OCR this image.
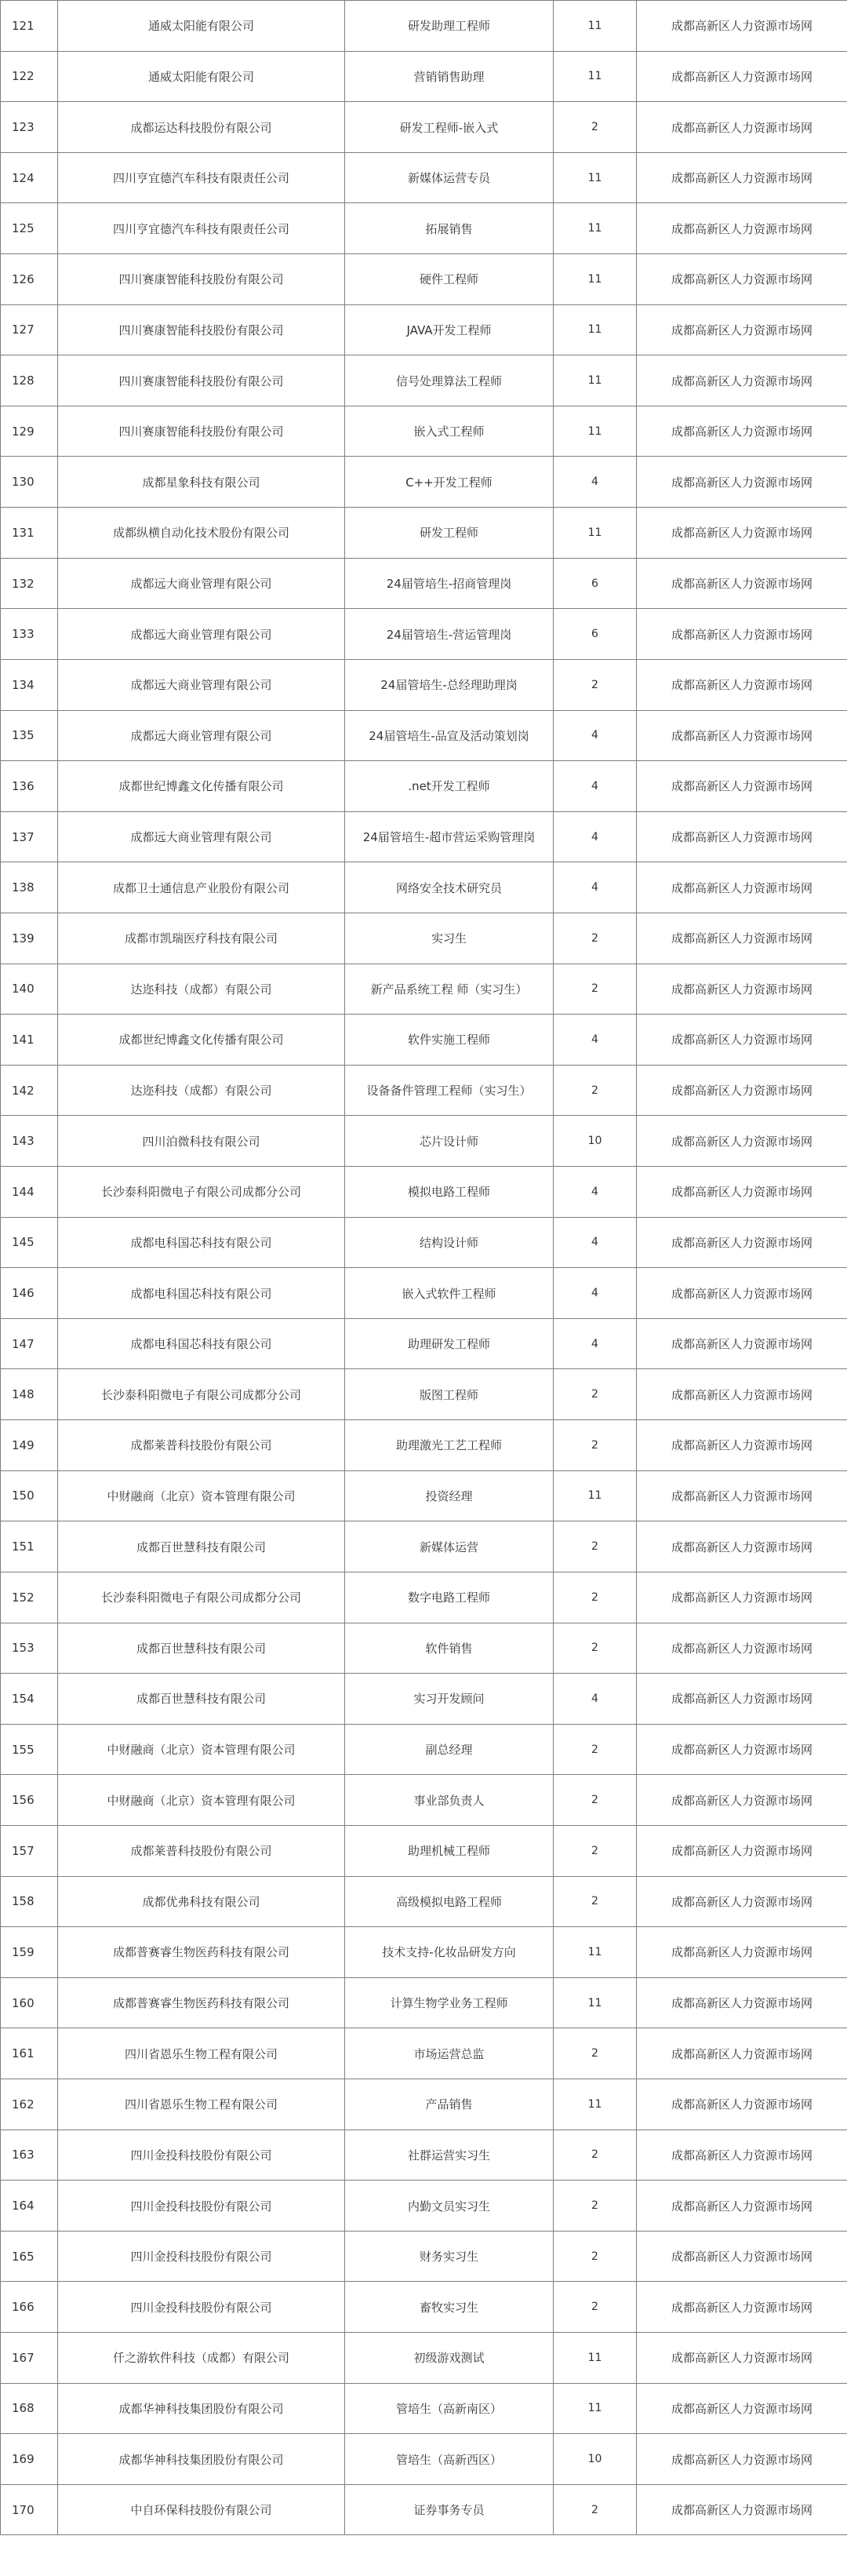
121	通威太阳能有限公司	研发助理工程师	11	成都高新区人力资源市场网
122	通威太阳能有限公司	营销销售助理	11	成都高新区人力资源市场网
123	成都运达科技股份有限公司	研发工程师-嵌入式	2	成都高新区人力资源市场网
124	四川亨宜德汽车科技有限责任公司	新媒体运营专员	11	成都高新区人力资源市场网
125	四川亨宜德汽车科技有限责任公司	拓展销售	11	成都高新区人力资源市场网
126	四川赛康智能科技股份有限公司	硬件工程师	11	成都高新区人力资源市场网
127	四川赛康智能科技股份有限公司	JAVA开发工程师	11	成都高新区人力资源市场网
128	四川赛康智能科技股份有限公司	信号处理算法工程师	11	成都高新区人力资源市场网
129	四川赛康智能科技股份有限公司	嵌入式工程师	11	成都高新区人力资源市场网
130	成都星象科技有限公司	C++开发工程师	4	成都高新区人力资源市场网
131	成都纵横自动化技术股份有限公司	研发工程师	11	成都高新区人力资源市场网
132	成都远大商业管理有限公司	24届管培生-招商管理岗	6	成都高新区人力资源市场网
133	成都远大商业管理有限公司	24届管培生-营运管理岗	6	成都高新区人力资源市场网
134	成都远大商业管理有限公司	24届管培生-总经理助理岗	2	成都高新区人力资源市场网
135	成都远大商业管理有限公司	24届管培生-品宣及活动策划岗	4	成都高新区人力资源市场网
136	成都世纪博鑫文化传播有限公司	.net开发工程师	4	成都高新区人力资源市场网
137	成都远大商业管理有限公司	24届管培生-超市营运采购管理岗	4	成都高新区人力资源市场网
138	成都卫士通信息产业股份有限公司	网络安全技术研究员	4	成都高新区人力资源市场网
139	成都市凯瑞医疗科技有限公司	实习生	2	成都高新区人力资源市场网
140	达迩科技（成都）有限公司	新产品系统工程 师（实习生）	2	成都高新区人力资源市场网
141	成都世纪博鑫文化传播有限公司	软件实施工程师	4	成都高新区人力资源市场网
142	达迩科技（成都）有限公司	设备备件管理工程师（实习生）	2	成都高新区人力资源市场网
143	四川泊微科技有限公司	芯片设计师	10	成都高新区人力资源市场网
144	长沙泰科阳微电子有限公司成都分公司	模拟电路工程师	4	成都高新区人力资源市场网
145	成都电科国芯科技有限公司	结构设计师	4	成都高新区人力资源市场网
146	成都电科国芯科技有限公司	嵌入式软件工程师	4	成都高新区人力资源市场网
147	成都电科国芯科技有限公司	助理研发工程师	4	成都高新区人力资源市场网
148	长沙泰科阳微电子有限公司成都分公司	版图工程师	2	成都高新区人力资源市场网
149	成都莱普科技股份有限公司	助理激光工艺工程师	2	成都高新区人力资源市场网
150	中财融商（北京）资本管理有限公司	投资经理	11	成都高新区人力资源市场网
151	成都百世慧科技有限公司	新媒体运营	2	成都高新区人力资源市场网
152	长沙泰科阳微电子有限公司成都分公司	数字电路工程师	2	成都高新区人力资源市场网
153	成都百世慧科技有限公司	软件销售	2	成都高新区人力资源市场网
154	成都百世慧科技有限公司	实习开发顾问	4	成都高新区人力资源市场网
155	中财融商（北京）资本管理有限公司	副总经理	2	成都高新区人力资源市场网
156	中财融商（北京）资本管理有限公司	事业部负责人	2	成都高新区人力资源市场网
157	成都莱普科技股份有限公司	助理机械工程师	2	成都高新区人力资源市场网
158	成都优弗科技有限公司	高级模拟电路工程师	2	成都高新区人力资源市场网
159	成都普赛睿生物医药科技有限公司	技术支持-化妆品研发方向	11	成都高新区人力资源市场网
160	成都普赛睿生物医药科技有限公司	计算生物学业务工程师	11	成都高新区人力资源市场网
161	四川省恩乐生物工程有限公司	市场运营总监	2	成都高新区人力资源市场网
162	四川省恩乐生物工程有限公司	产品销售	11	成都高新区人力资源市场网
163	四川金投科技股份有限公司	社群运营实习生	2	成都高新区人力资源市场网
164	四川金投科技股份有限公司	内勤文员实习生	2	成都高新区人力资源市场网
165	四川金投科技股份有限公司	财务实习生	2	成都高新区人力资源市场网
166	四川金投科技股份有限公司	畜牧实习生	2	成都高新区人力资源市场网
167	仟之游软件科技（成都）有限公司	初级游戏测试	11	成都高新区人力资源市场网
168	成都华神科技集团股份有限公司	管培生（高新南区）	11	成都高新区人力资源市场网
169	成都华神科技集团股份有限公司	管培生（高新西区）	10	成都高新区人力资源市场网
170	中自环保科技股份有限公司	证券事务专员	2	成都高新区人力资源市场网
